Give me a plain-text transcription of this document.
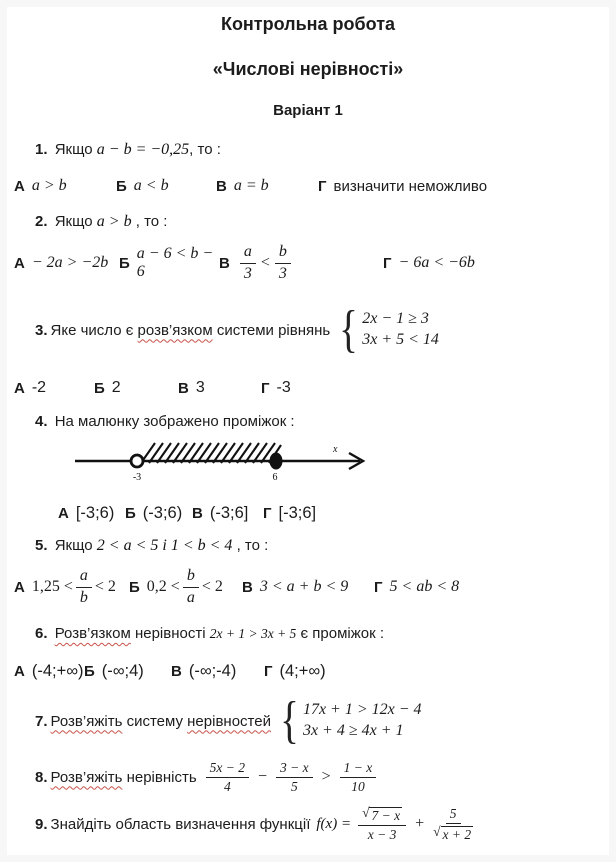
Контрольна робота
«Числові нерівності»
Варіант 1
1. Якщо a − b = −0,25, то :
А a > b	Б a < b	В a = b	Г визначити неможливо
2. Якщо a > b , то :
А − 2a > −2b Б
a − 6 < b − 6	В $\frac{a}{3} < \frac{b}{3}$	Г − 6a < −6b
3. Яке число є
розв’язком
системи рівнянь { 2x − 1 ≥ 3
3x + 5 < 14
А -2	Б 2	В 3	Г -3
4. На малюнку зображено проміжок :
-3	6
x
А [-3;6) Б (-3;6) В (-3;6] Г [-3;6]
5. Якщо 2 < a < 5 і 1 < b < 4 , то :
А $1,25 < \frac{a}{b} < 2$ Б $0,2 < \frac{b}{a} < 2$ В 3 < a + b < 9 Г 5 < ab < 8
6. Розв’язком нерівності 2x + 1 > 3x + 5 є проміжок :
А (-4;+∞) Б (-∞;4) В (-∞;-4) Г (4;+∞)
7. Розв’яжіть
систему
нерівностей { 17x + 1 > 12x − 4
3x + 4 ≥ 4x + 1
8. Розв’яжіть
нерівність $\frac{5x - 2}{4} - \frac{3 - x}{5} > \frac{1 - x}{10}$
9. Знайдіть область визначення функції $f(x) = \frac{√ 7 - x}{x - 3} + \frac{5}{√ x + 2}$
